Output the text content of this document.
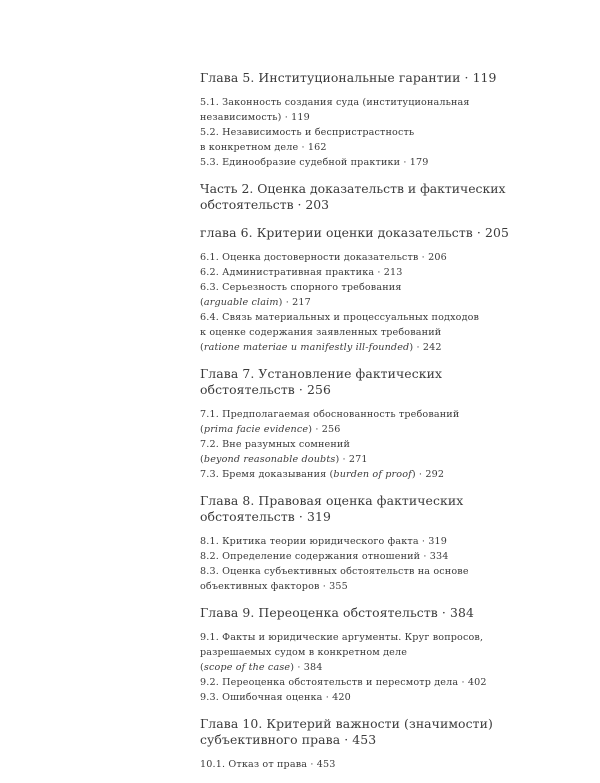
Глава 5. Институциональные гарантии · 119
5.1. Законность создания суда (институциональная
независимость) · 119
5.2. Независимость и беспристрастность
в конкретном деле · 162
5.3. Единообразие судебной практики · 179
Часть 2. Оценка доказательств и фактических
обстоятельств · 203
глава 6. Критерии оценки доказательств · 205
6.1. Оценка достоверности доказательств · 206
6.2. Административная практика · 213
6.3. Серьезность спорного требования
(arguable claim) · 217
6.4. Связь материальных и процессуальных подходов
к оценке содержания заявленных требований
(ratione materiae и manifestly ill-founded) · 242
Глава 7. Установление фактических
обстоятельств · 256
7.1. Предполагаемая обоснованность требований
(prima facie evidence) · 256
7.2. Вне разумных сомнений
(beyond reasonable doubts) · 271
7.3. Бремя доказывания (burden of proof) · 292
Глава 8. Правовая оценка фактических
обстоятельств · 319
8.1. Критика теории юридического факта · 319
8.2. Определение содержания отношений · 334
8.3. Оценка субъективных обстоятельств на основе
объективных факторов · 355
Глава 9. Переоценка обстоятельств · 384
9.1. Факты и юридические аргументы. Круг вопросов,
разрешаемых судом в конкретном деле
(scope of the case) · 384
9.2. Переоценка обстоятельств и пересмотр дела · 402
9.3. Ошибочная оценка · 420
Глава 10. Критерий важности (значимости)
субъективного права · 453
10.1. Отказ от права · 453
